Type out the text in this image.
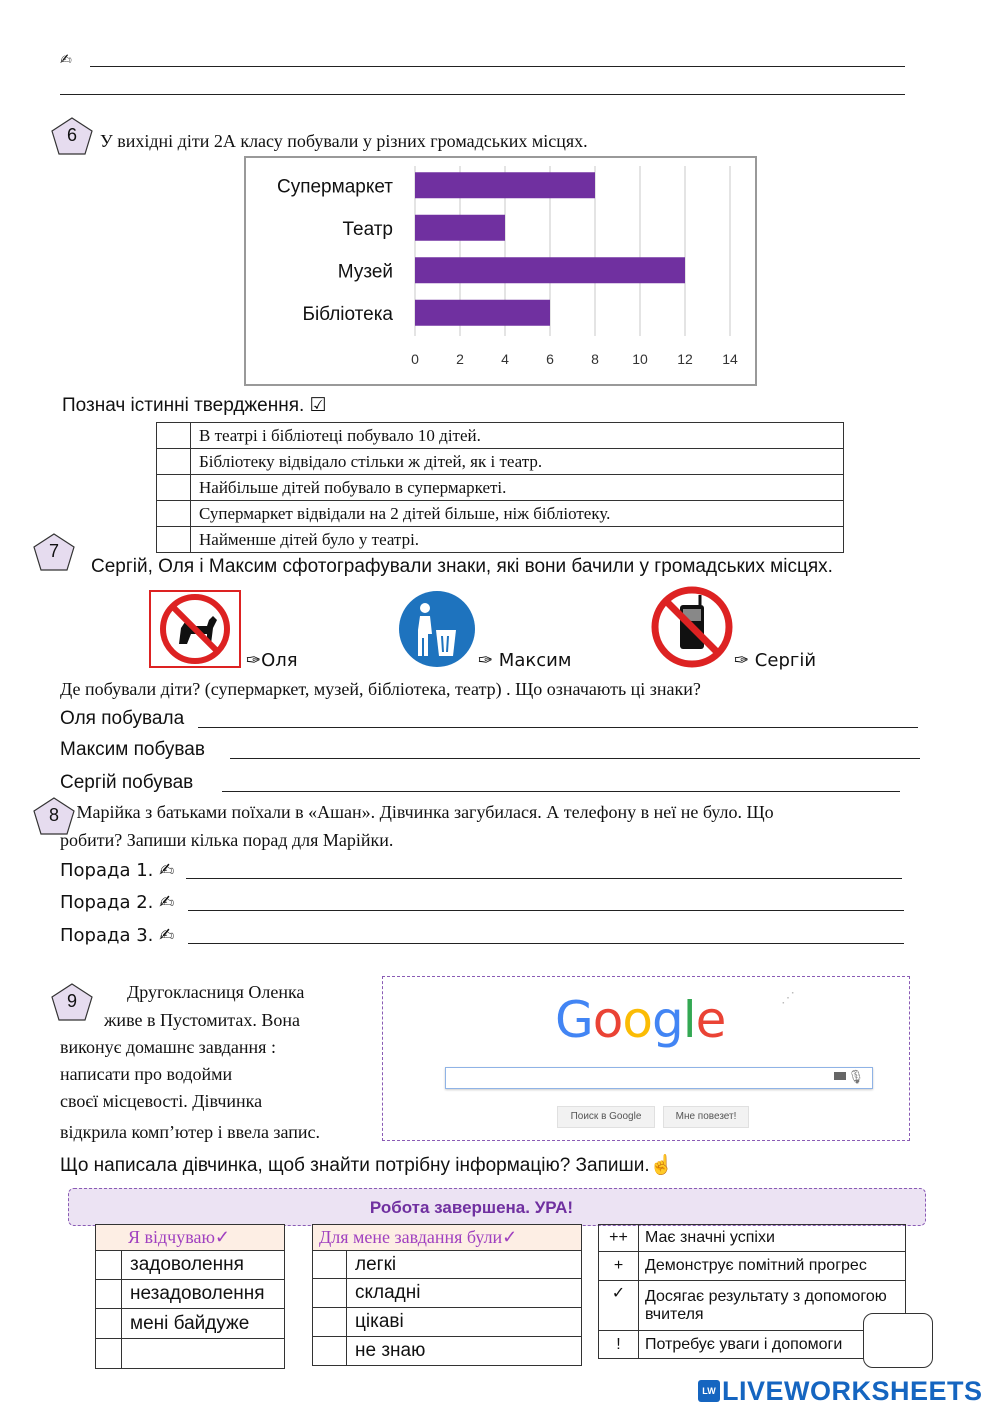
✍
6	У вихідні діти 2А класу побували у різних громадських місцях.
0	2	4	6	8 10 12 14
Супермаркет
Театр
Музей
Бібліотека
Познач істинні твердження. ☑
	В театрі і бібліотеці побувало 10 дітей.
	Бібліотеку відвідало стільки ж дітей, як і театр.
	Найбільше дітей побувало в супермаркеті.
	Супермаркет відвідали на 2 дітей більше, ніж бібліотеку.
	Найменше дітей було у театрі.
7
Сергій, Оля і Максим сфотографували знаки, які вони бачили у громадських місцях.
✑Оля	✑ Максим	✑ Сергій
Де побували діти? (супермаркет, музей, бібліотека, театр) . Що означають ці знаки?
Оля побувала
Максим побував
Сергій побував
8 Марійка з батьками поїхали в «Ашан». Дівчинка загубилася. А телефону в неї не було. Що
робити? Запиши кілька порад для Марійки.
Порада 1. ✍
Порада 2. ✍
Порада 3. ✍
9	Другокласниця Оленка
живе в Пустомитах. Вона
виконує домашнє завдання :
написати про водойми
своєї місцевості. Дівчинка
відкрила комп’ютер і ввела запис.
Google	⋰
🎙
Поиск в Google	Мне повезет!
Що написала дівчинка, щоб знайти потрібну інформацію? Запиши.☝
Робота завершена. УРА!
Я відчуваю✓	
	задоволення
	незадоволення
	мені байдуже

Для мене завдання були✓	
	легкі
	складні
	цікаві
	не знаю
++	Має значні успіхи
+	Демонструє помітний прогрес
✓	Досягає результату з допомогою вчителя
!	Потребує уваги і допомоги
LW LIVEWORKSHEETS
